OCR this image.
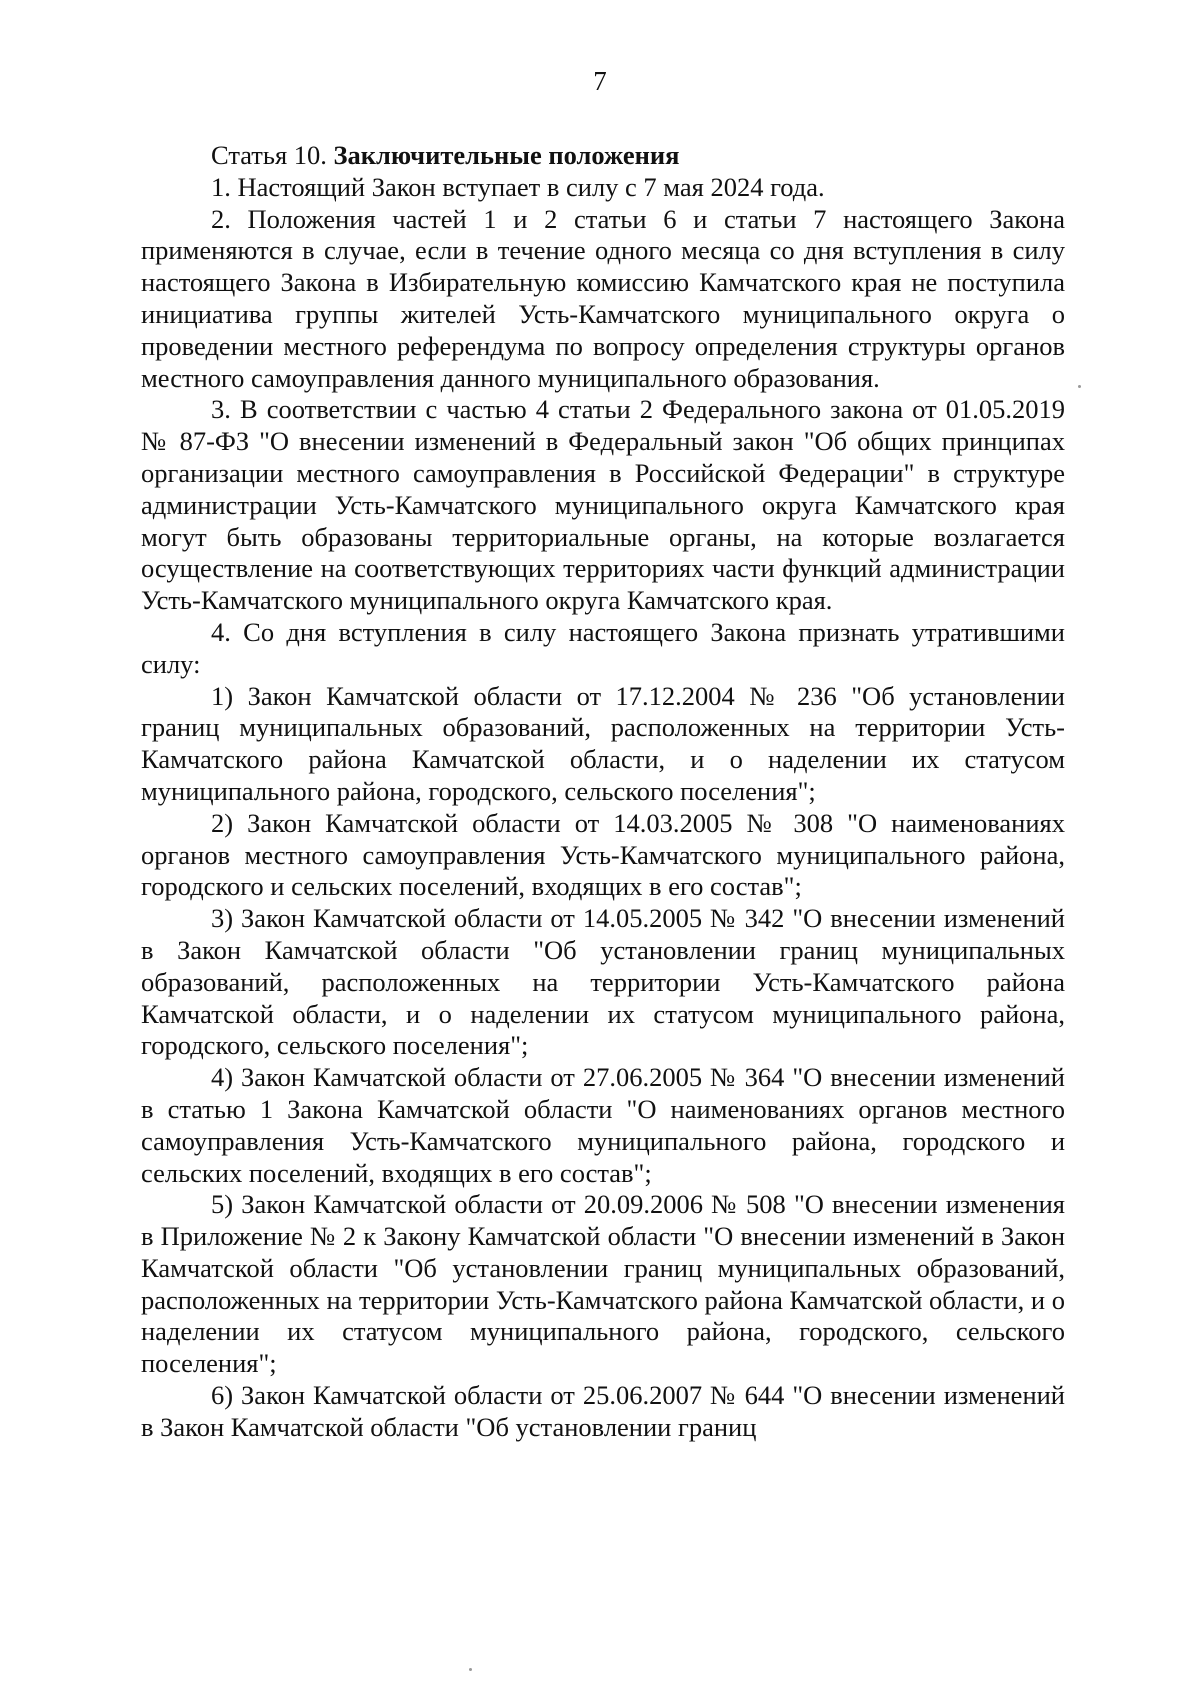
7

Статья 10. Заключительные положения

1. Настоящий Закон вступает в силу с 7 мая 2024 года.

2. Положения частей 1 и 2 статьи 6 и статьи 7 настоящего Закона применяются в случае, если в течение одного месяца со дня вступления в силу настоящего Закона в Избирательную комиссию Камчатского края не поступила инициатива группы жителей Усть-Камчатского муниципального округа о проведении местного референдума по вопросу определения структуры органов местного самоуправления данного муниципального образования.

3. В соответствии с частью 4 статьи 2 Федерального закона от 01.05.2019 № 87-ФЗ "О внесении изменений в Федеральный закон "Об общих принципах организации местного самоуправления в Российской Федерации" в структуре администрации Усть-Камчатского муниципального округа Камчатского края могут быть образованы территориальные органы, на которые возлагается осуществление на соответствующих территориях части функций администрации Усть-Камчатского муниципального округа Камчатского края.

4. Со дня вступления в силу настоящего Закона признать утратившими силу:

1) Закон Камчатской области от 17.12.2004 № 236 "Об установлении границ муниципальных образований, расположенных на территории Усть-Камчатского района Камчатской области, и о наделении их статусом муниципального района, городского, сельского поселения";

2) Закон Камчатской области от 14.03.2005 № 308 "О наименованиях органов местного самоуправления Усть-Камчатского муниципального района, городского и сельских поселений, входящих в его состав";

3) Закон Камчатской области от 14.05.2005 № 342 "О внесении изменений в Закон Камчатской области "Об установлении границ муниципальных образований, расположенных на территории Усть-Камчатского района Камчатской области, и о наделении их статусом муниципального района, городского, сельского поселения";

4) Закон Камчатской области от 27.06.2005 № 364 "О внесении изменений в статью 1 Закона Камчатской области "О наименованиях органов местного самоуправления Усть-Камчатского муниципального района, городского и сельских поселений, входящих в его состав";

5) Закон Камчатской области от 20.09.2006 № 508 "О внесении изменения в Приложение № 2 к Закону Камчатской области "О внесении изменений в Закон Камчатской области "Об установлении границ муниципальных образований, расположенных на территории Усть-Камчатского района Камчатской области, и о наделении их статусом муниципального района, городского, сельского поселения";

6) Закон Камчатской области от 25.06.2007 № 644 "О внесении изменений в Закон Камчатской области "Об установлении границ
